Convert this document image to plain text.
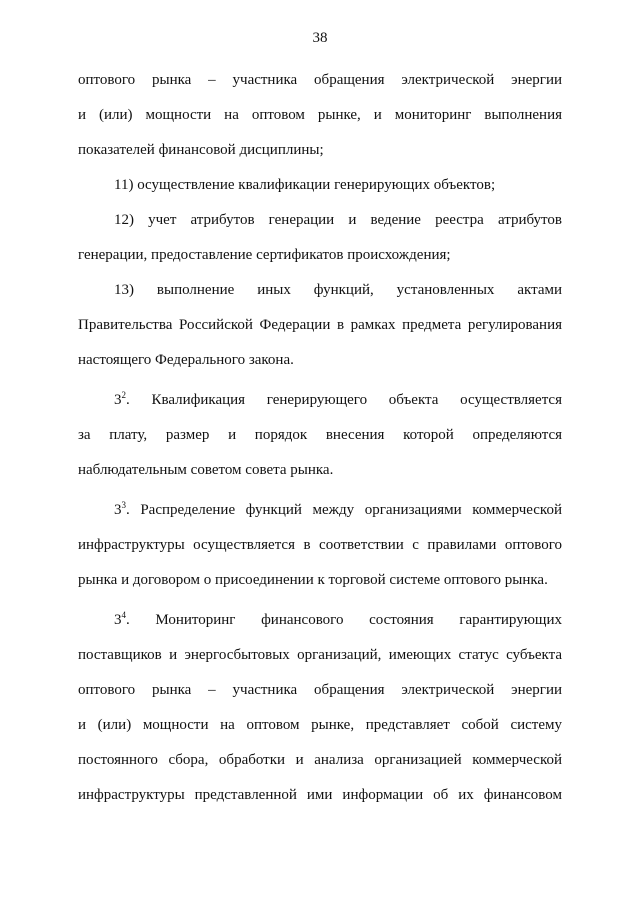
38
оптового рынка – участника обращения электрической энергии
и (или) мощности на оптовом рынке, и мониторинг выполнения
показателей финансовой дисциплины;
11) осуществление квалификации генерирующих объектов;
12) учет атрибутов генерации и ведение реестра атрибутов
генерации, предоставление сертификатов происхождения;
13) выполнение иных функций, установленных актами
Правительства Российской Федерации в рамках предмета регулирования
настоящего Федерального закона.
$3^2$. Квалификация генерирующего объекта осуществляется
за плату, размер и порядок внесения которой определяются
наблюдательным советом совета рынка.
$3^3$. Распределение функций между организациями коммерческой
инфраструктуры осуществляется в соответствии с правилами оптового
рынка и договором о присоединении к торговой системе оптового рынка.
$3^4$. Мониторинг финансового состояния гарантирующих
поставщиков и энергосбытовых организаций, имеющих статус субъекта
оптового рынка – участника обращения электрической энергии
и (или) мощности на оптовом рынке, представляет собой систему
постоянного сбора, обработки и анализа организацией коммерческой
инфраструктуры представленной ими информации об их финансовом
